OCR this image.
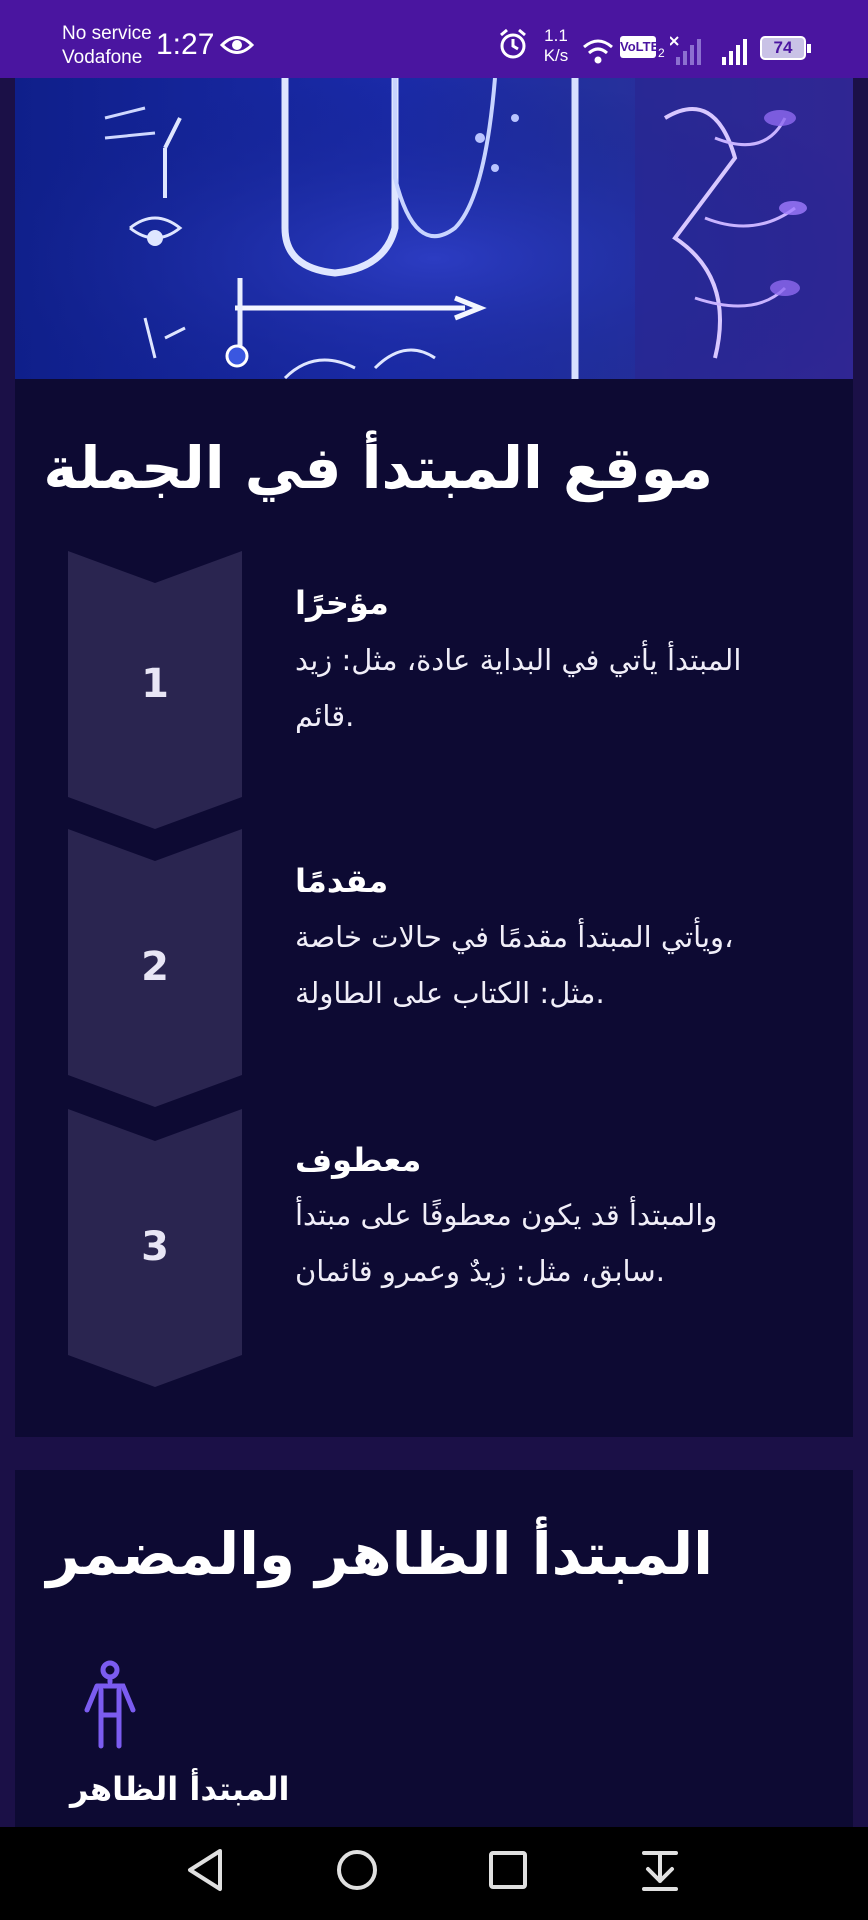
No service
Vodafone 1:27	1.1
K/s	VoLTE
2	74
موقع المبتدأ في الجملة
1
مؤخرًا
المبتدأ يأتي في البداية عادة، مثل: زيد
قائم.
2
مقدمًا
ويأتي المبتدأ مقدمًا في حالات خاصة،
مثل: الكتاب على الطاولة.
3
معطوف
والمبتدأ قد يكون معطوفًا على مبتدأ
سابق، مثل: زيدٌ وعمرو قائمان.
المبتدأ الظاهر والمضمر
المبتدأ الظاهر
